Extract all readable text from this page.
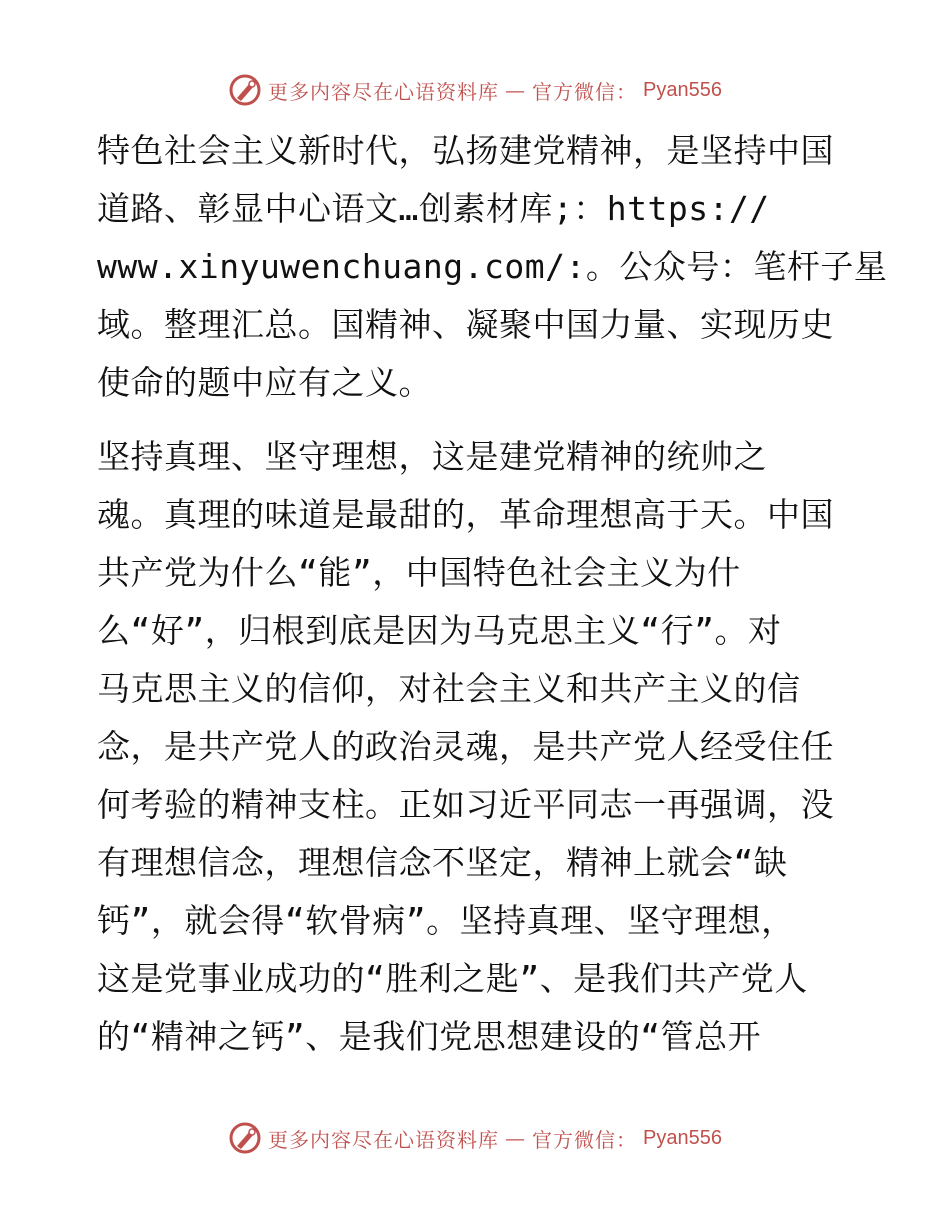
更多内容尽在心语资料库 — 官方微信： Pyan556
特色社会主义新时代，弘扬建党精神，是坚持中国
道路、彰显中心语文…创素材库;：https://
www.xinyuwenchuang.com/:。公众号：笔杆子星
域。整理汇总。国精神、凝聚中国力量、实现历史
使命的题中应有之义。
坚持真理、坚守理想，这是建党精神的统帅之
魂。真理的味道是最甜的，革命理想高于天。中国
共产党为什么“能”，中国特色社会主义为什
么“好”，归根到底是因为马克思主义“行”。对
马克思主义的信仰，对社会主义和共产主义的信
念，是共产党人的政治灵魂，是共产党人经受住任
何考验的精神支柱。正如习近平同志一再强调，没
有理想信念，理想信念不坚定，精神上就会“缺
钙”，就会得“软骨病”。坚持真理、坚守理想，
这是党事业成功的“胜利之匙”、是我们共产党人
的“精神之钙”、是我们党思想建设的“管总开
更多内容尽在心语资料库 — 官方微信： Pyan556
